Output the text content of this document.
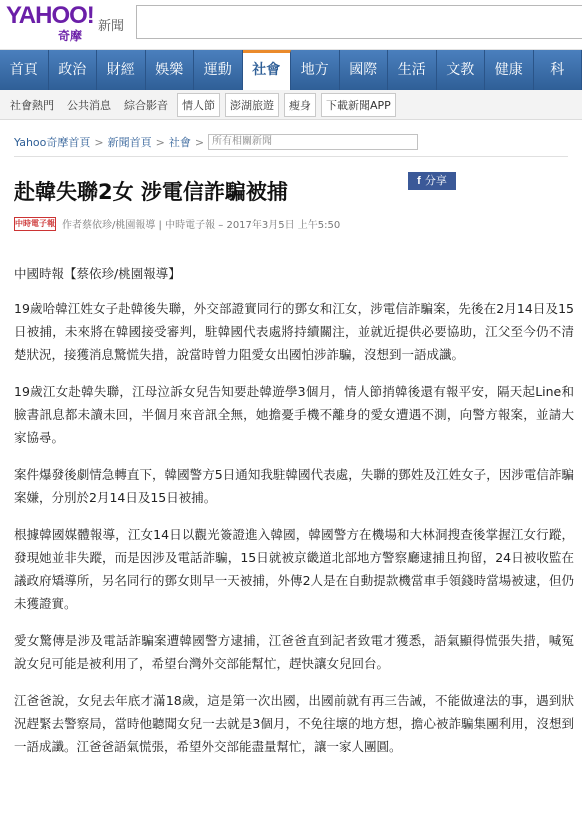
YAHOO!
奇摩
新聞
首頁	政治	財經	娛樂	運動	社會	地方	國際	生活	文教	健康	科
社會熱門	公共消息	綜合影音	情人節	澎湖旅遊	瘦身	下載新聞APP
Yahoo奇摩首頁 > 新聞首頁 > 社會 > 所有相關新聞
赴韓失聯2女 涉電信詐騙被捕	f 分享
中時電子報 作者蔡依珍/桃園報導 | 中時電子報 – 2017年3月5日 上午5:50

中國時報【蔡依珍/桃園報導】

19歲哈韓江姓女子赴韓後失聯，外交部證實同行的鄧女和江女，涉電信詐騙案，先後在2月14日及15日被捕，未來將在韓國接受審判，駐韓國代表處將持續關注，並就近提供必要協助，江父至今仍不清楚狀況，接獲消息驚慌失措，說當時曾力阻愛女出國怕涉詐騙，沒想到一語成讖。

19歲江女赴韓失聯，江母泣訴女兒告知要赴韓遊學3個月，情人節捎韓後還有報平安，隔天起Line和臉書訊息都未讀未回，半個月來音訊全無，她擔憂手機不離身的愛女遭遇不測，向警方報案，並請大家協尋。

案件爆發後劇情急轉直下，韓國警方5日通知我駐韓國代表處，失聯的鄧姓及江姓女子，因涉電信詐騙案嫌，分別於2月14日及15日被捕。

根據韓國媒體報導，江女14日以觀光簽證進入韓國，韓國警方在機場和大林洞搜查後掌握江女行蹤，發現她並非失蹤，而是因涉及電話詐騙，15日就被京畿道北部地方警察廳逮捕且拘留，24日被收監在議政府矯導所，另名同行的鄧女則早一天被捕，外傳2人是在自動提款機當車手領錢時當場被逮，但仍未獲證實。

愛女驚傳是涉及電話詐騙案遭韓國警方逮捕，江爸爸直到記者致電才獲悉，語氣顯得慌張失措，喊冤說女兒可能是被利用了，希望台灣外交部能幫忙，趕快讓女兒回台。

江爸爸說，女兒去年底才滿18歲，這是第一次出國，出國前就有再三告誡，不能做違法的事，遇到狀況趕緊去警察局，當時他聽聞女兒一去就是3個月，不免往壞的地方想，擔心被詐騙集團利用，沒想到一語成讖。江爸爸語氣慌張，希望外交部能盡量幫忙，讓一家人團圓。
